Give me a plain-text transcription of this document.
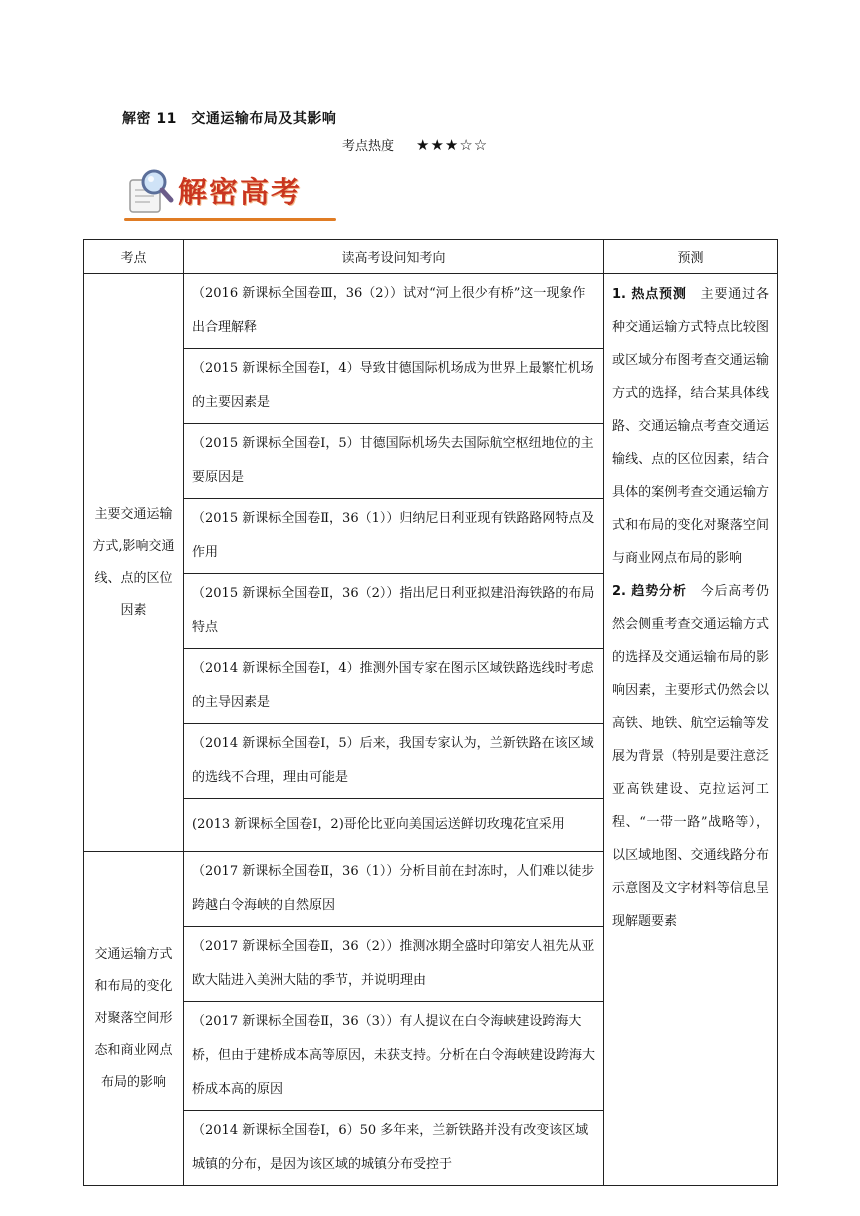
解密 11　交通运输布局及其影响
考点热度 ★★★☆☆
解密高考
考点	读高考设问知考向	预测
主要交通运输方式,影响交通线、点的区位因素	（2016 新课标全国卷Ⅲ，36（2））试对“河上很少有桥”这一现象作出合理解释	1. 热点预测　主要通过各种交通运输方式特点比较图或区域分布图考查交通运输方式的选择，结合某具体线路、交通运输点考查交通运输线、点的区位因素，结合具体的案例考查交通运输方式和布局的变化对聚落空间与商业网点布局的影响
2. 趋势分析　今后高考仍然会侧重考查交通运输方式的选择及交通运输布局的影响因素，主要形式仍然会以高铁、地铁、航空运输等发展为背景（特别是要注意泛亚高铁建设、克拉运河工程、“一带一路”战略等），以区域地图、交通线路分布示意图及文字材料等信息呈现解题要素
	（2015 新课标全国卷Ⅰ，4）导致甘德国际机场成为世界上最繁忙机场的主要因素是	
	（2015 新课标全国卷Ⅰ，5）甘德国际机场失去国际航空枢纽地位的主要原因是	
	（2015 新课标全国卷Ⅱ，36（1））归纳尼日利亚现有铁路路网特点及作用	
	（2015 新课标全国卷Ⅱ，36（2））指出尼日利亚拟建沿海铁路的布局特点	
	（2014 新课标全国卷Ⅰ，4）推测外国专家在图示区域铁路选线时考虑的主导因素是	
	（2014 新课标全国卷Ⅰ，5）后来，我国专家认为，兰新铁路在该区域的选线不合理，理由可能是	
	(2013 新课标全国卷Ⅰ，2)哥伦比亚向美国运送鲜切玫瑰花宜采用	
交通运输方式和布局的变化对聚落空间形态和商业网点布局的影响	（2017 新课标全国卷Ⅱ，36（1））分析目前在封冻时，人们难以徒步跨越白令海峡的自然原因	
	（2017 新课标全国卷Ⅱ，36（2））推测冰期全盛时印第安人祖先从亚欧大陆进入美洲大陆的季节，并说明理由	
	（2017 新课标全国卷Ⅱ，36（3））有人提议在白令海峡建设跨海大桥，但由于建桥成本高等原因，未获支持。分析在白令海峡建设跨海大桥成本高的原因	
	（2014 新课标全国卷Ⅰ，6）50 多年来，兰新铁路并没有改变该区域城镇的分布，是因为该区域的城镇分布受控于	
